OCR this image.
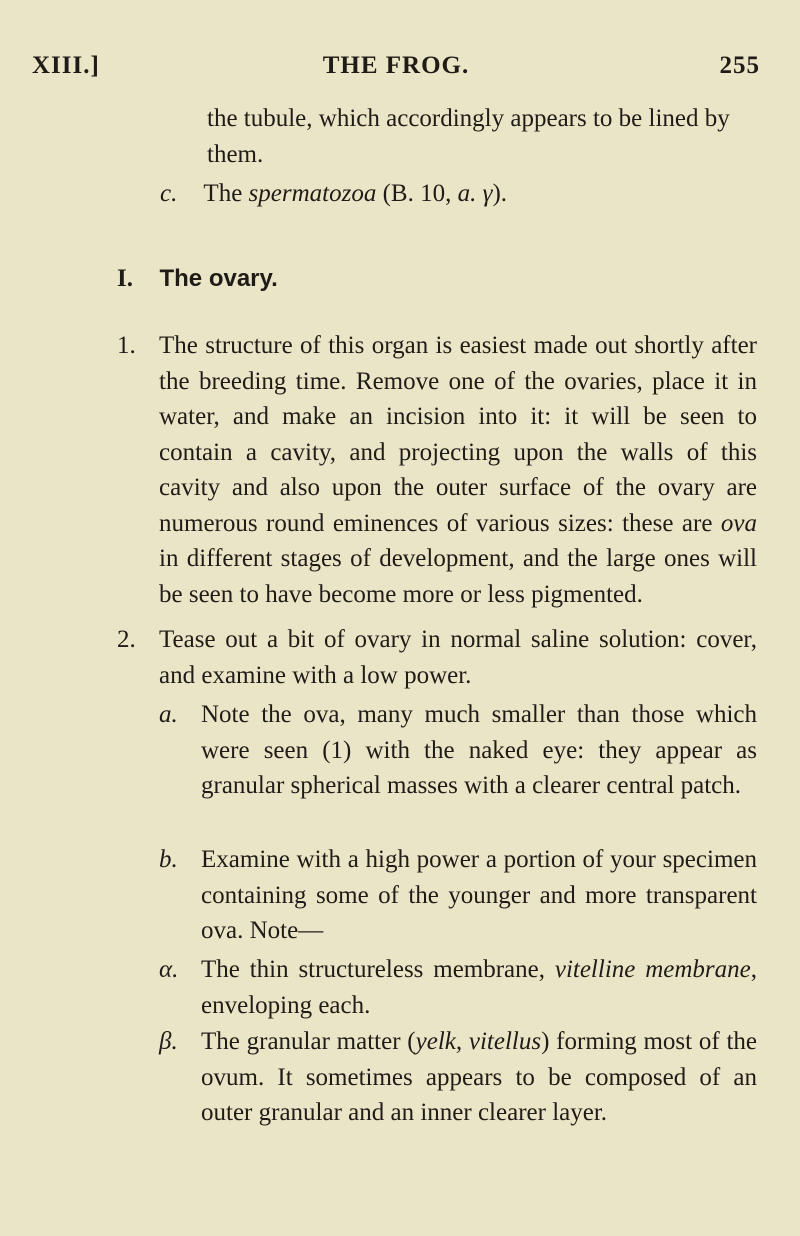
XIII.]	THE FROG.	255

the tubule, which accordingly appears to be lined by them.

c. The spermatozoa (B. 10, a. γ).

I. The ovary.

1. The structure of this organ is easiest made out shortly after the breeding time. Remove one of the ovaries, place it in water, and make an incision into it: it will be seen to contain a cavity, and projecting upon the walls of this cavity and also upon the outer surface of the ovary are numerous round eminences of various sizes: these are ova in different stages of development, and the large ones will be seen to have become more or less pigmented.

2. Tease out a bit of ovary in normal saline solution: cover, and examine with a low power.

a. Note the ova, many much smaller than those which were seen (1) with the naked eye: they appear as granular spherical masses with a clearer central patch.

b. Examine with a high power a portion of your specimen containing some of the younger and more transparent ova. Note—

α. The thin structureless membrane, vitelline membrane, enveloping each.

β. The granular matter (yelk, vitellus) forming most of the ovum. It sometimes appears to be composed of an outer granular and an inner clearer layer.
